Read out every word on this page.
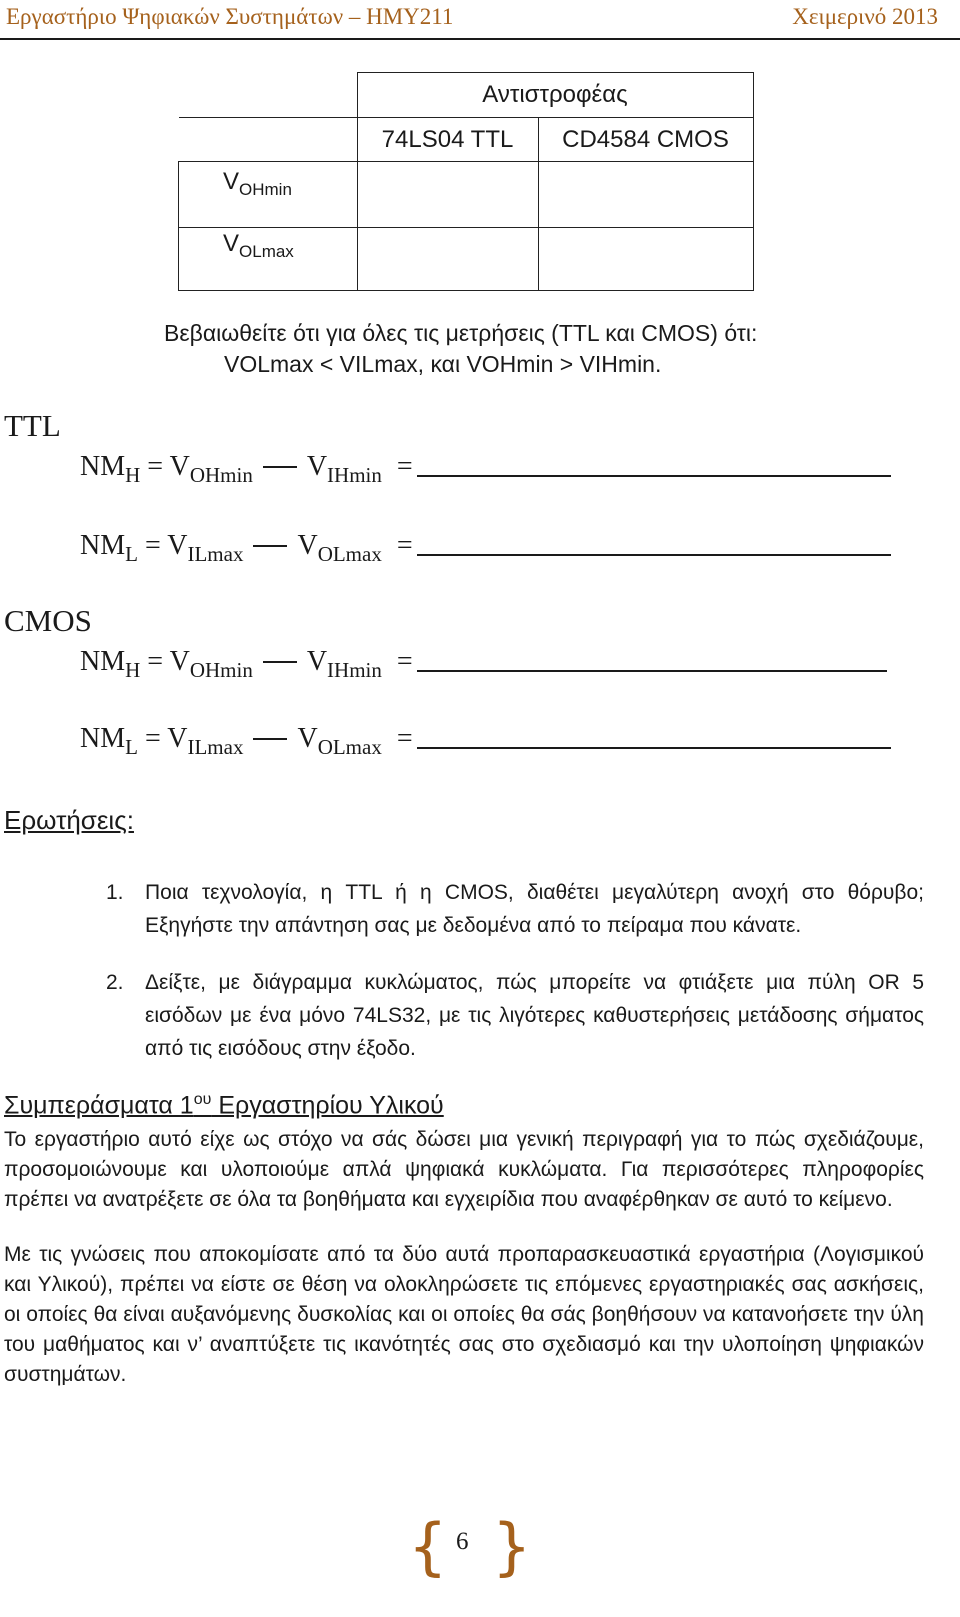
Εργαστήριο Ψηφιακών Συστημάτων – ΗΜΥ211	Χειμερινό 2013
	Αντιστροφέας	
	74LS04 TTL	CD4584 CMOS
$V_{OHmin}$		
$V_{OLmax}$		
Βεβαιωθείτε ότι για όλες τις μετρήσεις (TTL και CMOS) ότι:
VOLmax < VILmax, και VOHmin > VIHmin.
TTL
$NM_H = V_{OHmin}$ $V_{IHmin}$ =
$NM_L = V_{ILmax}$ $V_{OLmax}$ =
CMOS
$NM_H = V_{OHmin}$ $V_{IHmin}$ =
$NM_L = V_{ILmax}$ $V_{OLmax}$ =
Ερωτήσεις:
1. Ποια τεχνολογία, η TTL ή η CMOS, διαθέτει μεγαλύτερη ανοχή στο θόρυβο; Εξηγήστε την απάντηση σας με δεδομένα από το πείραμα που κάνατε.
2. Δείξτε, με διάγραμμα κυκλώματος, πώς μπορείτε να φτιάξετε μια πύλη OR 5 εισόδων με ένα μόνο 74LS32, με τις λιγότερες καθυστερήσεις μετάδοσης σήματος από τις εισόδους στην έξοδο.
Συμπεράσματα $1^{o\upsilon}$ Εργαστηρίου Υλικού
Το εργαστήριο αυτό είχε ως στόχο να σάς δώσει μια γενική περιγραφή για το πώς σχεδιάζουμε, προσομοιώνουμε και υλοποιούμε απλά ψηφιακά κυκλώματα. Για περισσότερες πληροφορίες πρέπει να ανατρέξετε σε όλα τα βοηθήματα και εγχειρίδια που αναφέρθηκαν σε αυτό το κείμενο.
Με τις γνώσεις που αποκομίσατε από τα δύο αυτά προπαρασκευαστικά εργαστήρια (Λογισμικού και Υλικού), πρέπει να είστε σε θέση να ολοκληρώσετε τις επόμενες εργαστηριακές σας ασκήσεις, οι οποίες θα είναι αυξανόμενης δυσκολίας και οι οποίες θα σάς βοηθήσουν να κατανοήσετε την ύλη του μαθήματος και ν’ αναπτύξετε τις ικανότητές σας στο σχεδιασμό και την υλοποίηση ψηφιακών συστημάτων.
{ 6 }
